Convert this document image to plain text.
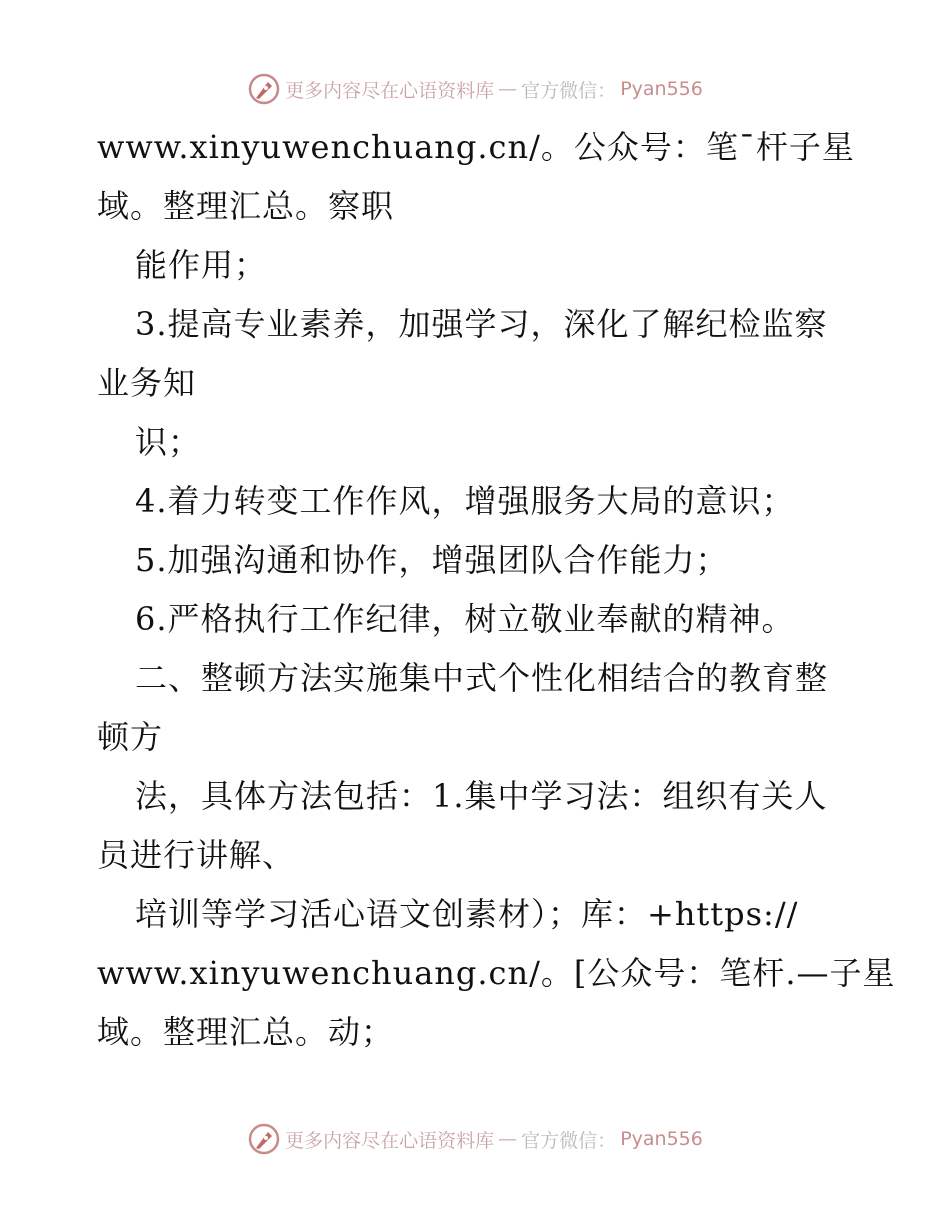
更多内容尽在心语资料库 — 官方微信： Pyan556
www.xinyuwenchuang.cn/。公众号：笔¯杆子星
域。整理汇总。察职
能作用；
3.提高专业素养，加强学习，深化了解纪检监察
业务知
识；
4.着力转变工作作风，增强服务大局的意识；
5.加强沟通和协作，增强团队合作能力；
6.严格执行工作纪律，树立敬业奉献的精神。
二、整顿方法实施集中式个性化相结合的教育整
顿方
法，具体方法包括：1.集中学习法：组织有关人
员进行讲解、
培训等学习活心语文创素材）；库：+https://
www.xinyuwenchuang.cn/。[公众号：笔杆.—子星
域。整理汇总。动；
更多内容尽在心语资料库 — 官方微信： Pyan556
